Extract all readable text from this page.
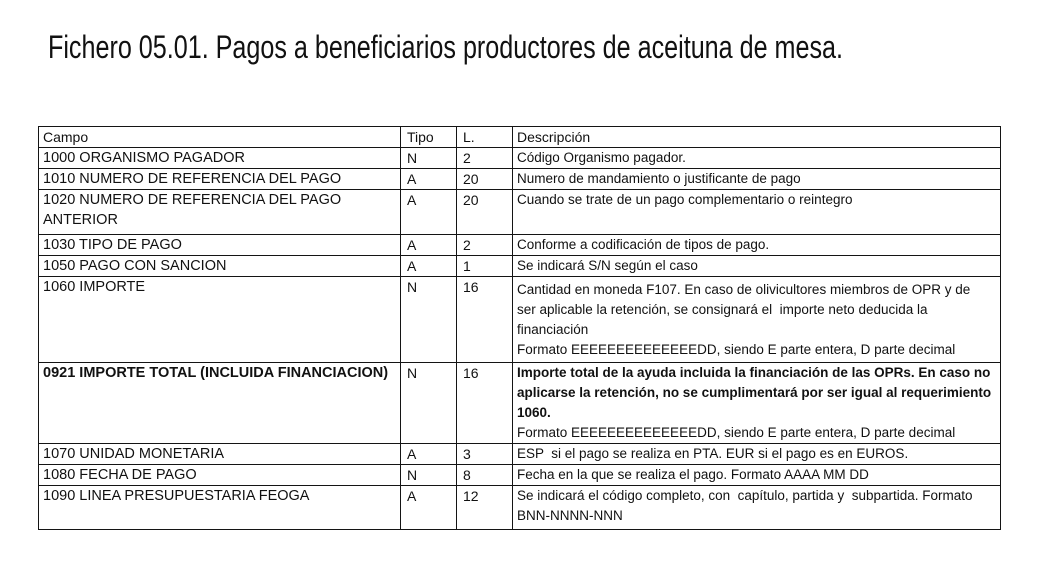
Fichero 05.01. Pagos a beneficiarios productores de aceituna de mesa.
Campo	Tipo	L.	Descripción

1000 ORGANISMO PAGADOR	N	2	Código Organismo pagador.

1010 NUMERO DE REFERENCIA DEL PAGO	A	20	Numero de mandamiento o justificante de pago

1020 NUMERO DE REFERENCIA DEL PAGO
ANTERIOR	A	20	Cuando se trate de un pago complementario o reintegro

1030 TIPO DE PAGO	A	2	Conforme a codificación de tipos de pago.

1050 PAGO CON SANCION	A	1	Se indicará S/N según el caso

1060 IMPORTE	N	16	Cantidad en moneda F107. En caso de olivicultores miembros de OPR y de
ser aplicable la retención, se consignará el  importe neto deducida la
financiación
Formato EEEEEEEEEEEEEEDD, siendo E parte entera, D parte decimal

0921 IMPORTE TOTAL (INCLUIDA FINANCIACION)	N	16	Importe total de la ayuda incluida la financiación de las OPRs. En caso no
aplicarse la retención, no se cumplimentará por ser igual al requerimiento
1060.
Formato EEEEEEEEEEEEEEDD, siendo E parte entera, D parte decimal

1070 UNIDAD MONETARIA	A	3	ESP  si el pago se realiza en PTA. EUR si el pago es en EUROS.

1080 FECHA DE PAGO	N	8	Fecha en la que se realiza el pago. Formato AAAA MM DD

1090 LINEA PRESUPUESTARIA FEOGA	A	12	Se indicará el código completo, con  capítulo, partida y  subpartida. Formato
BNN-NNNN-NNN
